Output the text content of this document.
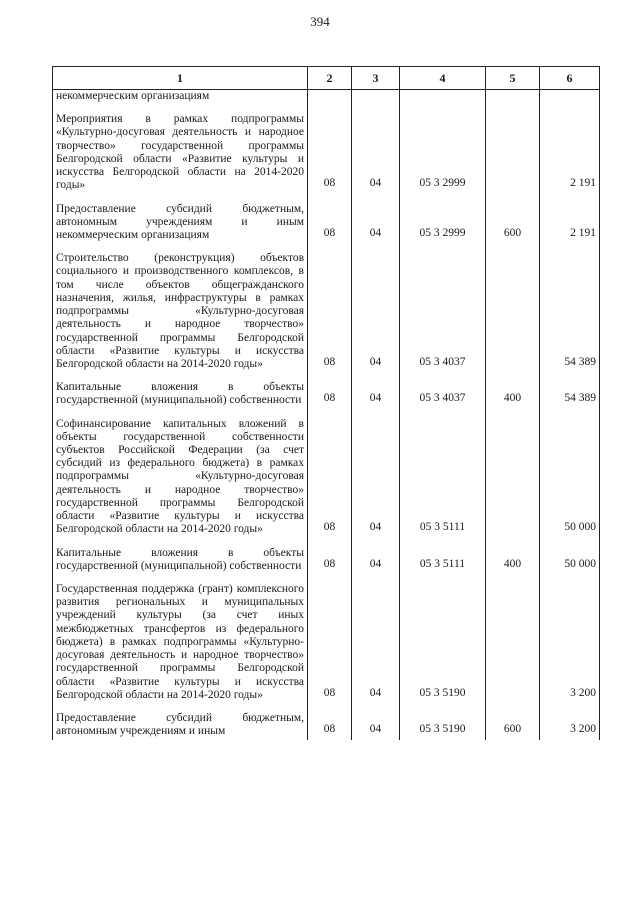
394
1	2	3	4	5	6
некоммерческим организациям					

Мероприятия в рамках подпрограммы «Культурно-досуговая деятельность и народное творчество» государственной программы Белгородской области «Развитие культуры и искусства Белгородской области на 2014-2020 годы»	08	04	05 3 2999		2 191

Предоставление субсидий бюджетным, автономным учреждениям и иным некоммерческим организациям	08	04	05 3 2999	600	2 191

Строительство (реконструкция) объектов социального и производственного комплексов, в том числе объектов общегражданского назначения, жилья, инфраструктуры в рамках подпрограммы «Культурно-досуговая деятельность и народное творчество» государственной программы Белгородской области «Развитие культуры и искусства Белгородской области на 2014-2020 годы»	08	04	05 3 4037		54 389

Капитальные вложения в объекты государственной (муниципальной) собственности	08	04	05 3 4037	400	54 389

Софинансирование капитальных вложений в объекты государственной собственности субъектов Российской Федерации (за счет субсидий из федерального бюджета) в рамках подпрограммы «Культурно-досуговая деятельность и народное творчество» государственной программы Белгородской области «Развитие культуры и искусства Белгородской области на 2014-2020 годы»	08	04	05 3 5111		50 000

Капитальные вложения в объекты государственной (муниципальной) собственности	08	04	05 3 5111	400	50 000

Государственная поддержка (грант) комплексного развития региональных и муниципальных учреждений культуры (за счет иных межбюджетных трансфертов из федерального бюджета) в рамках подпрограммы «Культурно-досуговая деятельность и народное творчество» государственной программы Белгородской области «Развитие культуры и искусства Белгородской области на 2014-2020 годы»	08	04	05 3 5190		3 200

Предоставление субсидий бюджетным, автономным учреждениям и иным	08	04	05 3 5190	600	3 200
